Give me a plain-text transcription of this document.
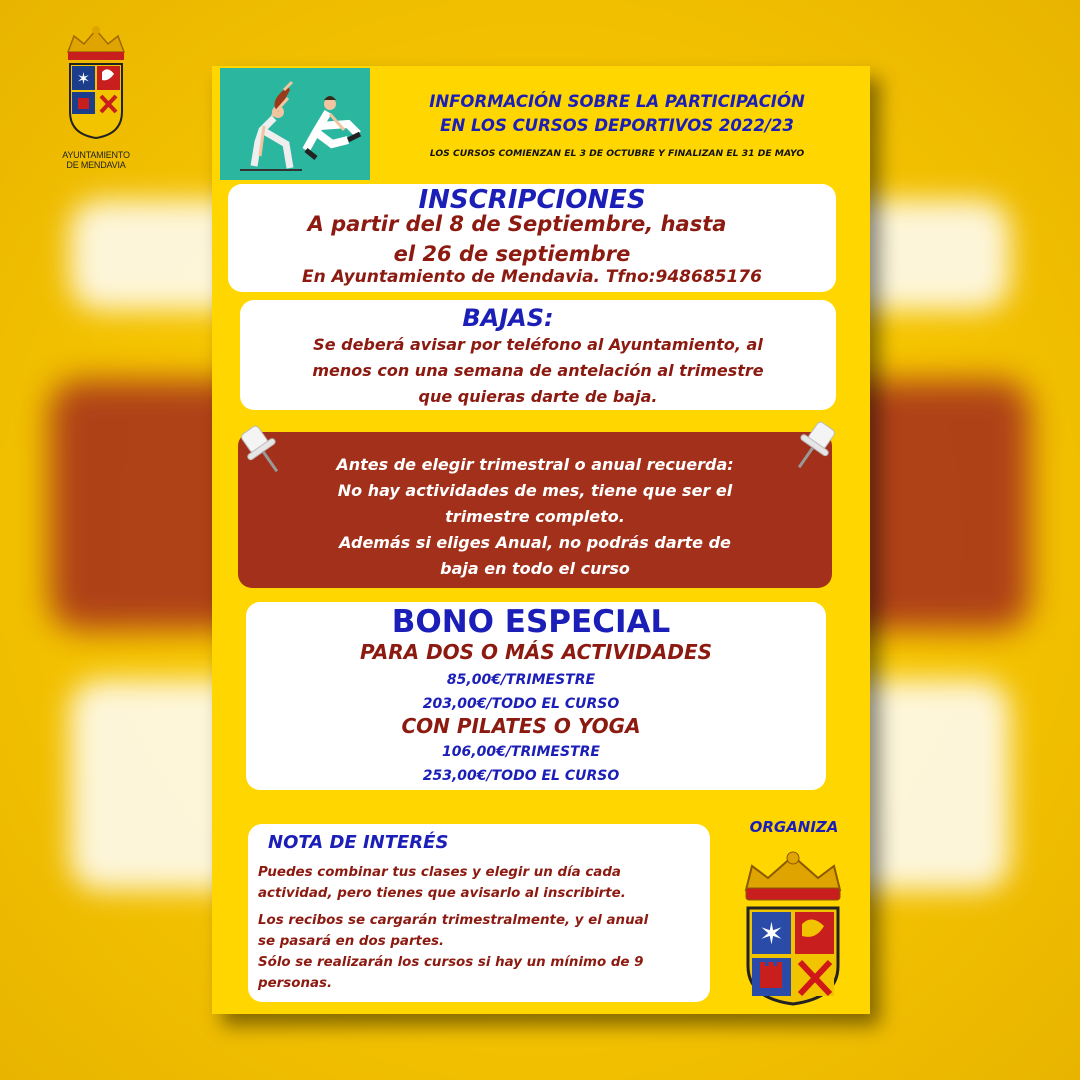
✶
AYUNTAMIENTO
DE MENDAVIA
INFORMACIÓN SOBRE LA PARTICIPACIÓN
EN LOS CURSOS DEPORTIVOS 2022/23
LOS CURSOS COMIENZAN EL 3 DE OCTUBRE Y FINALIZAN EL 31 DE MAYO
INSCRIPCIONES
A partir del 8 de Septiembre, hasta
el 26 de septiembre
En Ayuntamiento de Mendavia. Tfno:948685176
BAJAS:
Se deberá avisar por teléfono al Ayuntamiento, al
menos con una semana de antelación al trimestre
que quieras darte de baja.
Antes de elegir trimestral o anual recuerda:
No hay actividades de mes, tiene que ser el
trimestre completo.
Además si eliges Anual, no podrás darte de
baja en todo el curso
BONO ESPECIAL
PARA DOS O MÁS ACTIVIDADES
85,00€/TRIMESTRE
203,00€/TODO EL CURSO
CON PILATES O YOGA
106,00€/TRIMESTRE
253,00€/TODO EL CURSO
NOTA DE INTERÉS
Puedes combinar tus clases y elegir un día cada
actividad, pero tienes que avisarlo al inscribirte.
Los recibos se cargarán trimestralmente, y el anual
se pasará en dos partes.
Sólo se realizarán los cursos si hay un mínimo de 9
personas.
ORGANIZA
✶
